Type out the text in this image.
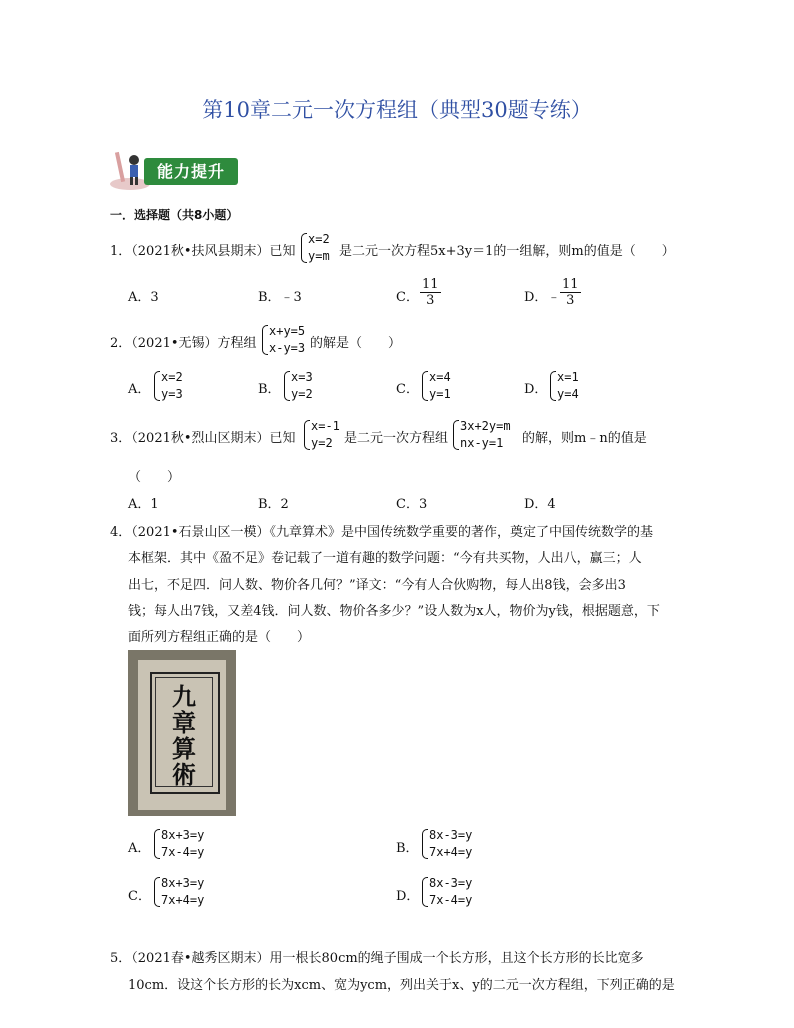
第10章二元一次方程组（典型30题专练）
能力提升
一．选择题（共8小题）
1．（2021秋•扶风县期末）已知
x=2
y=m 是二元一次方程5x+3y＝1的一组解，则m的值是（　　）
A．3	B．﹣3	C． $\frac{11}{3}$	D．﹣ $\frac{11}{3}$
2．（2021•无锡）方程组
x+y=5
x-y=3 的解是（　　）
A．
x=2
y=3	B．
x=3
y=2	C．
x=4
y=1	D．
x=1
y=4
3．（2021秋•烈山区期末）已知
x=-1
y=2 是二元一次方程组
3x+2y=m
nx-y=1	的解，则m﹣n的值是
（　　）
A．1	B．2	C．3	D．4
4．（2021•石景山区一模）《九章算术》是中国传统数学重要的著作，奠定了中国传统数学的基
本框架．其中《盈不足》卷记载了一道有趣的数学问题：“今有共买物，人出八，赢三；人
出七，不足四．问人数、物价各几何？”译文：“今有人合伙购物，每人出8钱，会多出3
钱；每人出7钱，又差4钱．问人数、物价各多少？”设人数为x人，物价为y钱，根据题意，下
面所列方程组正确的是（　　）
九章算術
A．
8x+3=y
7x-4=y	B．
8x-3=y
7x+4=y
C．
8x+3=y
7x+4=y	D．
8x-3=y
7x-4=y
5．（2021春•越秀区期末）用一根长80cm的绳子围成一个长方形，且这个长方形的长比宽多
10cm．设这个长方形的长为xcm、宽为ycm，列出关于x、y的二元一次方程组，下列正确的是
